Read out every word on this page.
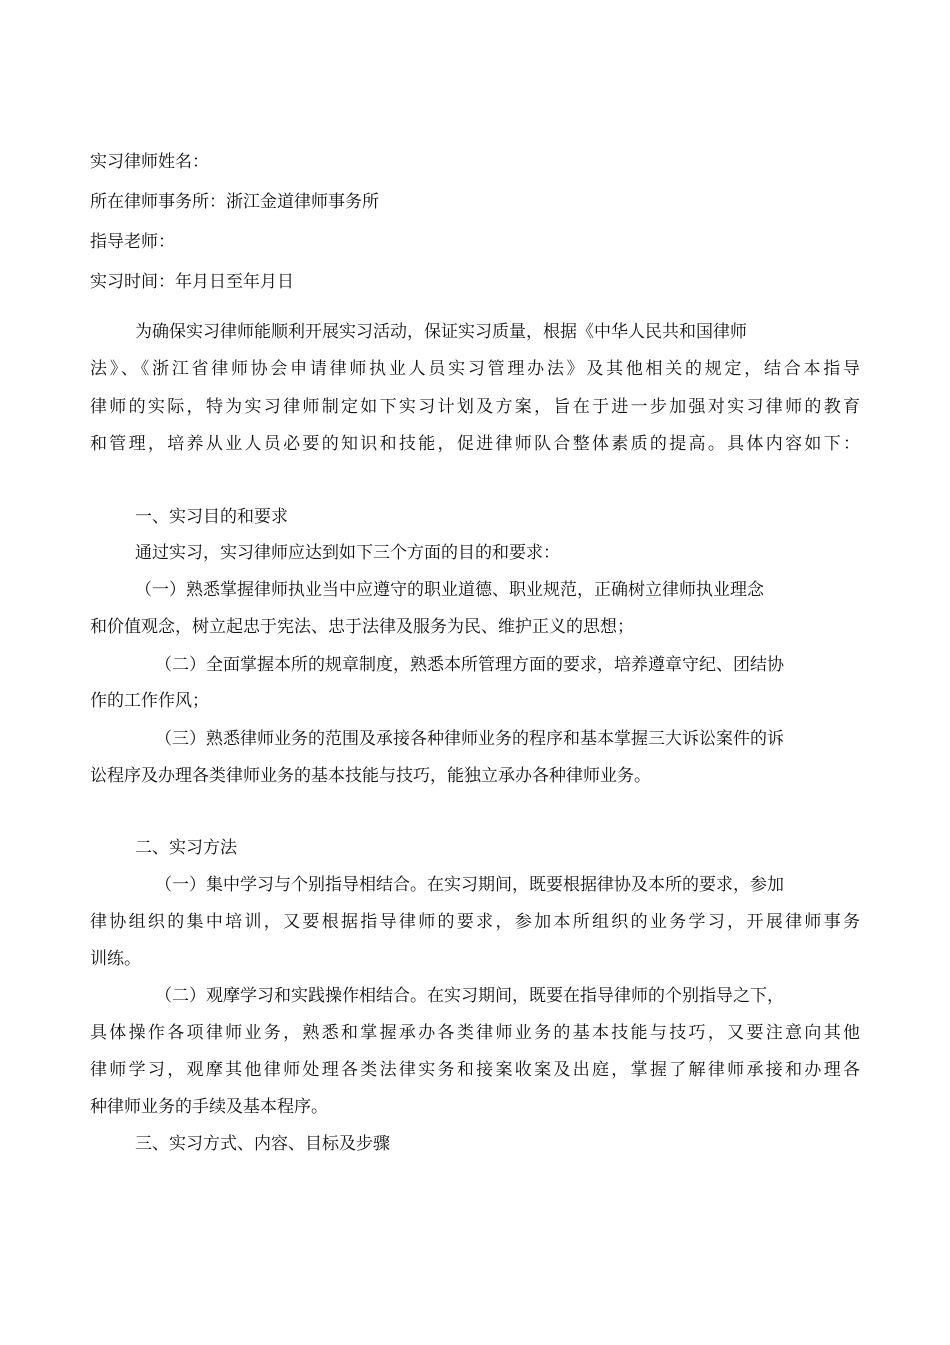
实习律师姓名：
所在律师事务所：浙江金道律师事务所
指导老师：
实习时间：年月日至年月日
为确保实习律师能顺利开展实习活动，保证实习质量，根据《中华人民共和国律师
法》、《浙江省律师协会申请律师执业人员实习管理办法》及其他相关的规定，结合本指导
律师的实际，特为实习律师制定如下实习计划及方案，旨在于进一步加强对实习律师的教育
和管理，培养从业人员必要的知识和技能，促进律师队合整体素质的提高。具体内容如下：
一、实习目的和要求
通过实习，实习律师应达到如下三个方面的目的和要求：
（一）熟悉掌握律师执业当中应遵守的职业道德、职业规范，正确树立律师执业理念
和价值观念，树立起忠于宪法、忠于法律及服务为民、维护正义的思想；
（二）全面掌握本所的规章制度，熟悉本所管理方面的要求，培养遵章守纪、团结协
作的工作作风；
（三）熟悉律师业务的范围及承接各种律师业务的程序和基本掌握三大诉讼案件的诉
讼程序及办理各类律师业务的基本技能与技巧，能独立承办各种律师业务。
二、实习方法
（一）集中学习与个别指导相结合。在实习期间，既要根据律协及本所的要求，参加
律协组织的集中培训，又要根据指导律师的要求，参加本所组织的业务学习，开展律师事务
训练。
（二）观摩学习和实践操作相结合。在实习期间，既要在指导律师的个别指导之下，
具体操作各项律师业务，熟悉和掌握承办各类律师业务的基本技能与技巧，又要注意向其他
律师学习，观摩其他律师处理各类法律实务和接案收案及出庭，掌握了解律师承接和办理各
种律师业务的手续及基本程序。
三、实习方式、内容、目标及步骤
